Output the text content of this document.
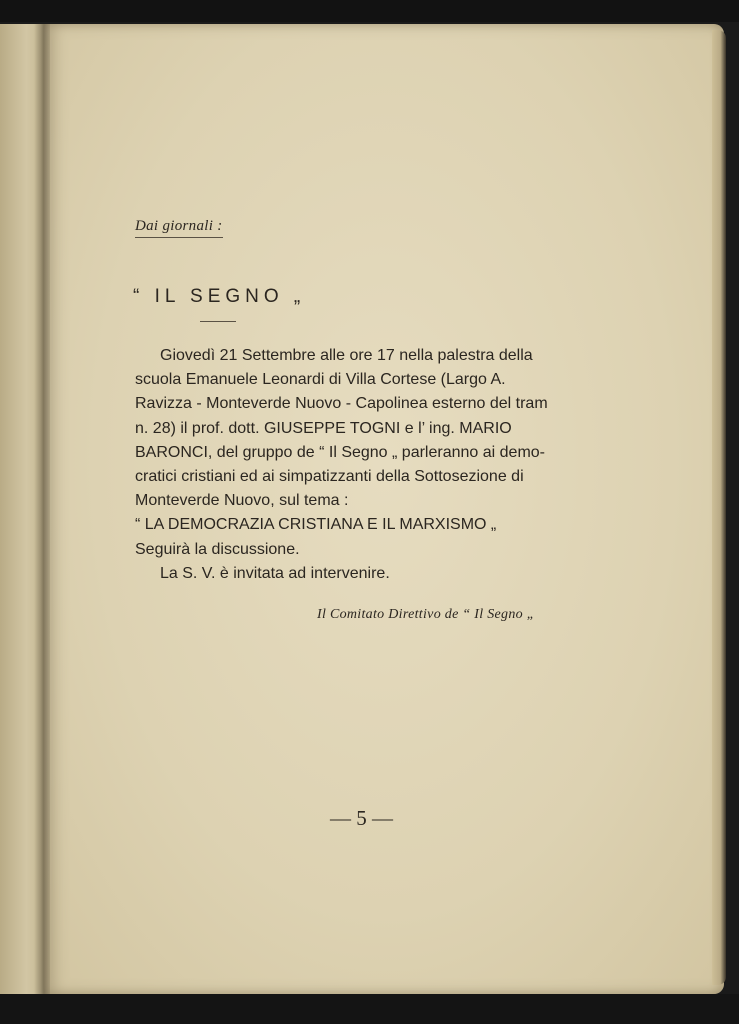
Dai giornali :
“ IL SEGNO „
Giovedì 21 Settembre alle ore 17 nella palestra della
scuola Emanuele Leonardi di Villa Cortese (Largo A.
Ravizza - Monteverde Nuovo - Capolinea esterno del tram
n. 28) il prof. dott. GIUSEPPE TOGNI e l’ ing. MARIO
BARONCI, del gruppo de “ Il Segno „ parleranno ai demo-
cratici cristiani ed ai simpatizzanti della Sottosezione di
Monteverde Nuovo, sul tema :
“ LA DEMOCRAZIA CRISTIANA E IL MARXISMO „
Seguirà la discussione.
La S. V. è invitata ad intervenire.
Il Comitato Direttivo de “ Il Segno „
— 5 —
